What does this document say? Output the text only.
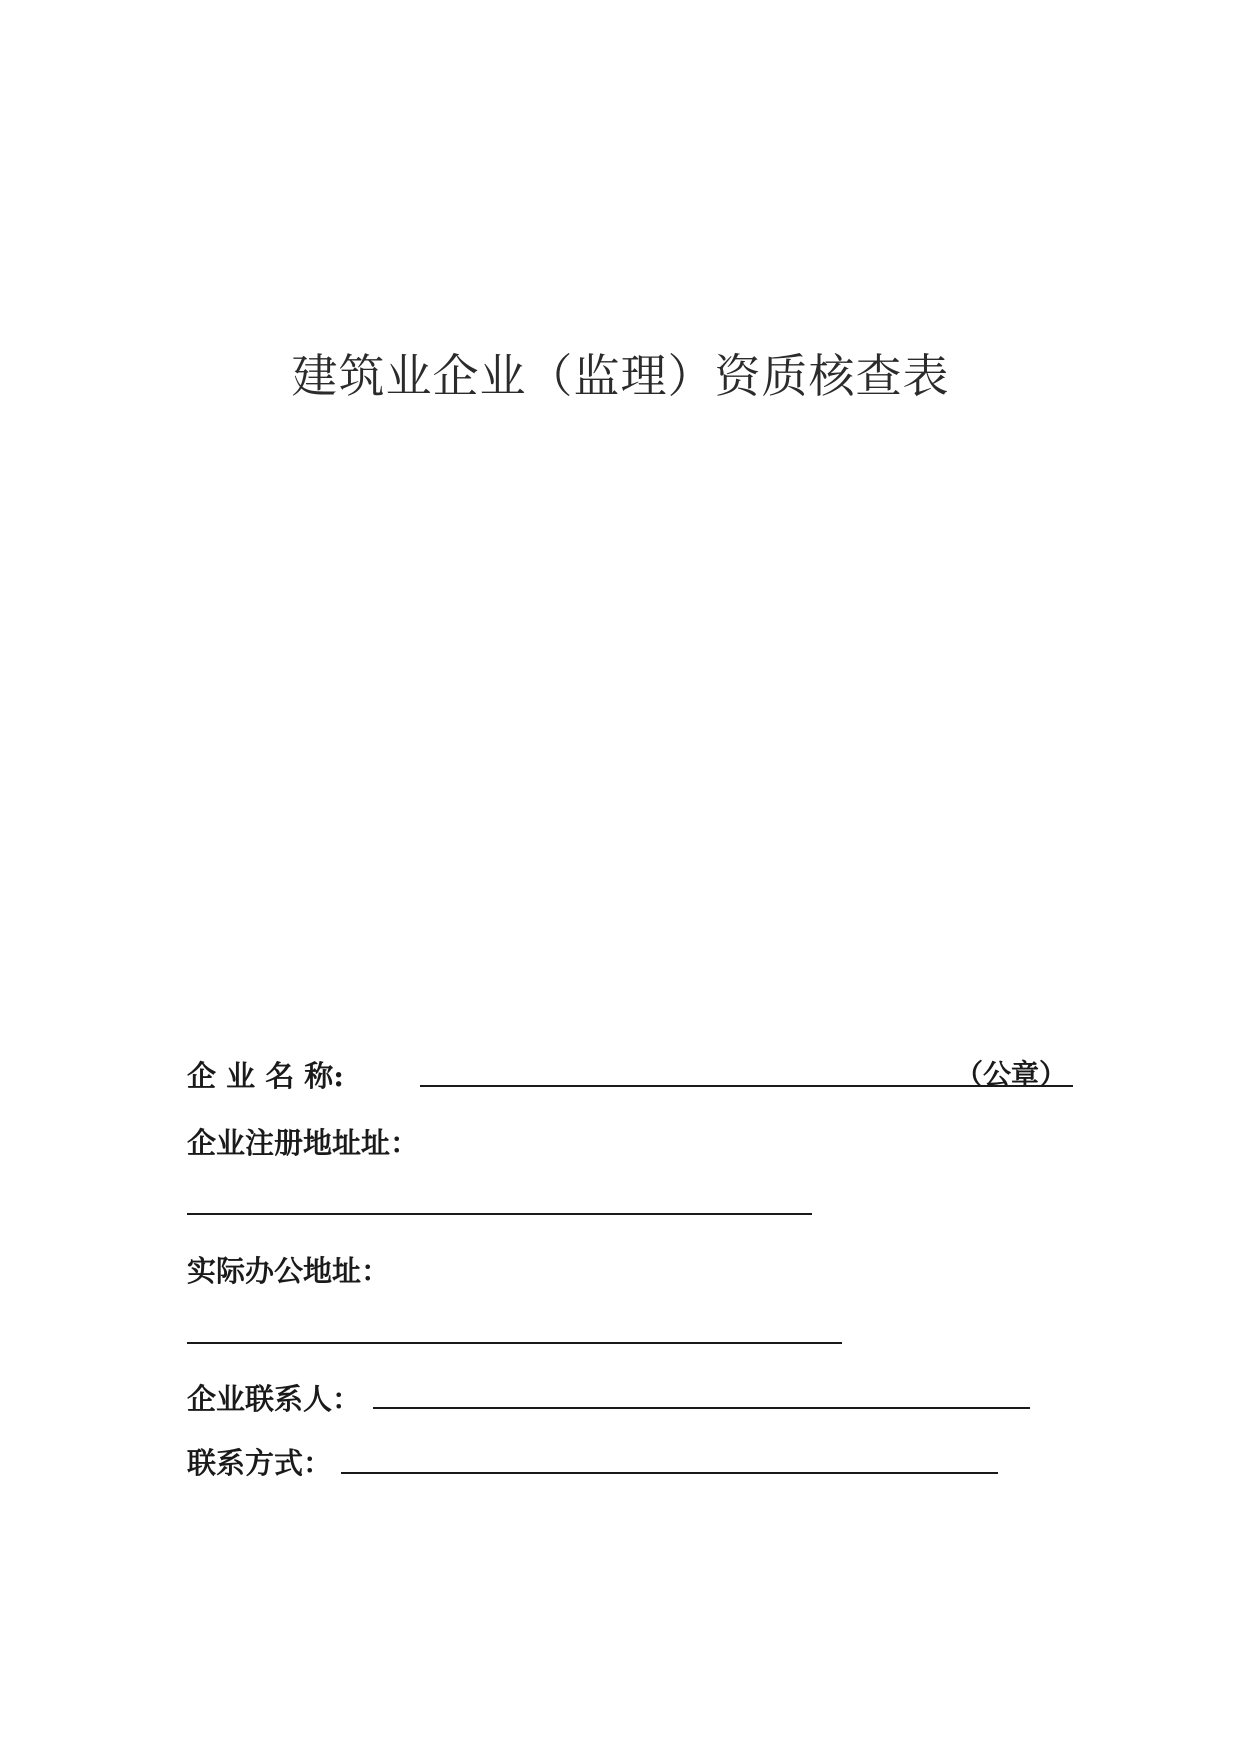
建筑业企业（监理）资质核查表
企 业 名 称:	（公章）
企业注册地址址：
实际办公地址：
企业联系人：
联系方式：
